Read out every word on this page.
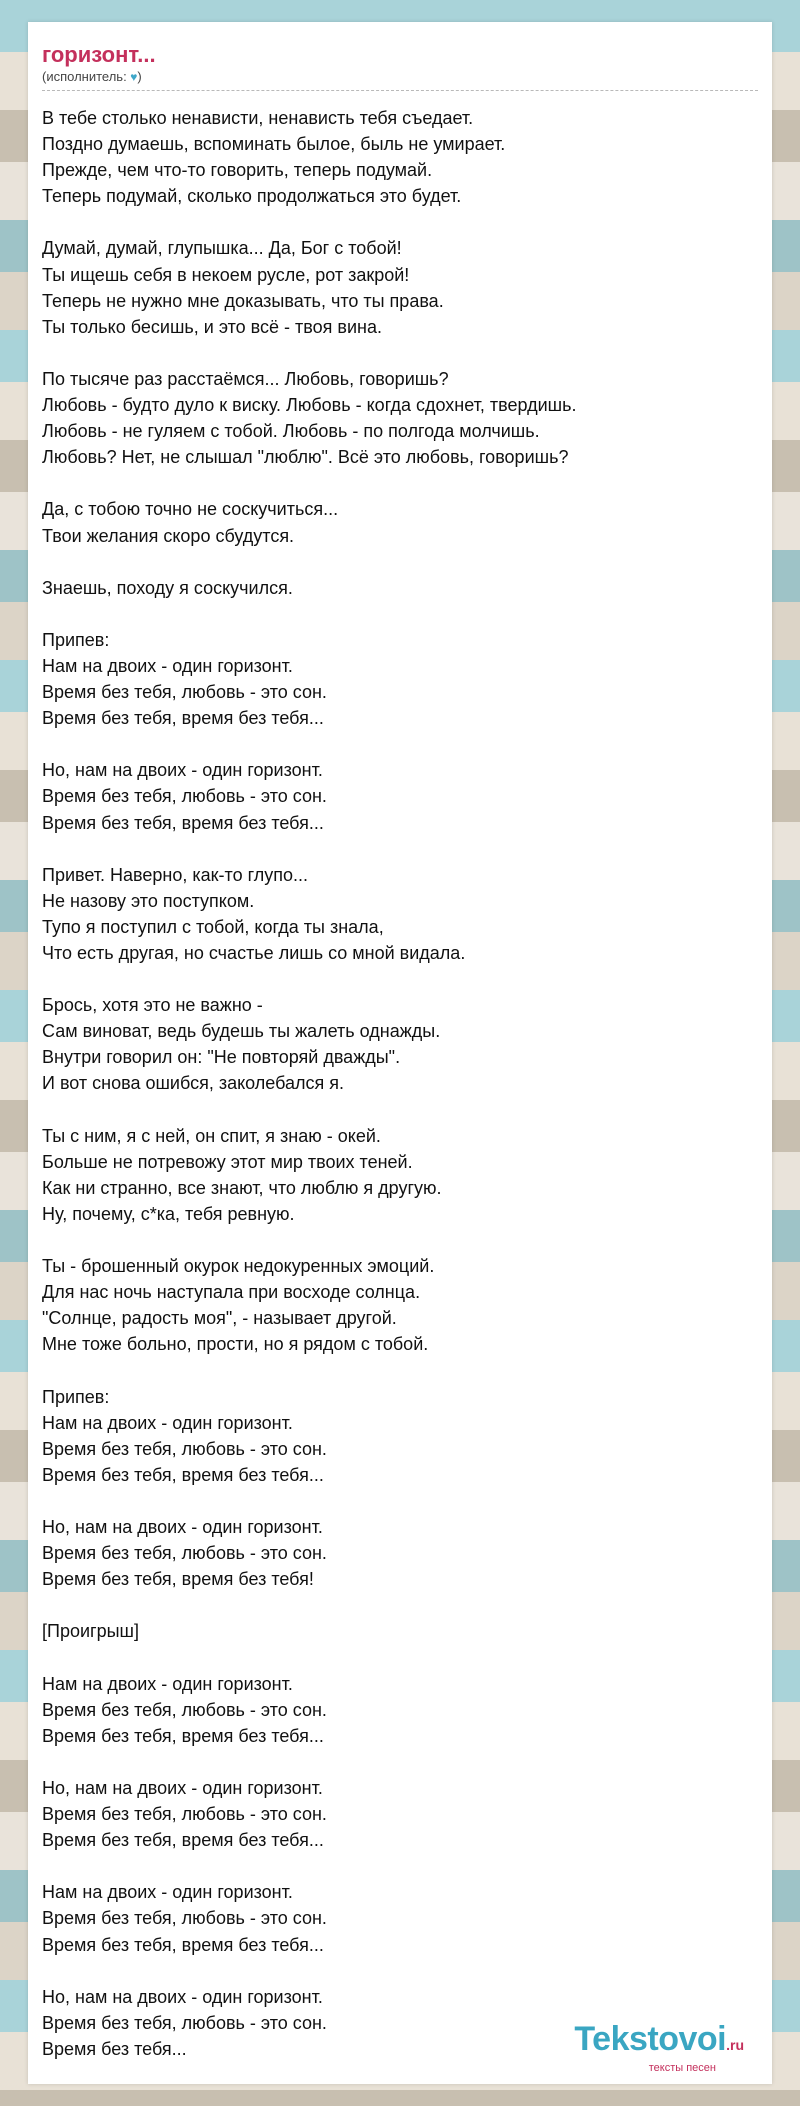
горизонт...
(исполнитель: ♥)
В тебе столько ненависти, ненависть тебя съедает.
Поздно думаешь, вспоминать былое, быль не умирает.
Прежде, чем что-то говорить, теперь подумай.
Теперь подумай, сколько продолжаться это будет.
Думай, думай, глупышка... Да, Бог с тобой!
Ты ищешь себя в некоем русле, рот закрой!
Теперь не нужно мне доказывать, что ты права.
Ты только бесишь, и это всё - твоя вина.
По тысяче раз расстаёмся... Любовь, говоришь?
Любовь - будто дуло к виску. Любовь - когда сдохнет, твердишь.
Любовь - не гуляем с тобой. Любовь - по полгода молчишь.
Любовь? Нет, не слышал "люблю". Всё это любовь, говоришь?
Да, с тобою точно не соскучиться...
Твои желания скоро сбудутся.
Знаешь, походу я соскучился.
Припев:
Нам на двоих - один горизонт.
Время без тебя, любовь - это сон.
Время без тебя, время без тебя...
Но, нам на двоих - один горизонт.
Время без тебя, любовь - это сон.
Время без тебя, время без тебя...
Привет. Наверно, как-то глупо...
Не назову это поступком.
Тупо я поступил с тобой, когда ты знала,
Что есть другая, но счастье лишь со мной видала.
Брось, хотя это не важно -
Сам виноват, ведь будешь ты жалеть однажды.
Внутри говорил он: "Не повторяй дважды".
И вот снова ошибся, заколебался я.
Ты с ним, я с ней, он спит, я знаю - окей.
Больше не потревожу этот мир твоих теней.
Как ни странно, все знают, что люблю я другую.
Ну, почему, с*ка, тебя ревную.
Ты - брошенный окурок недокуренных эмоций.
Для нас ночь наступала при восходе солнца.
"Солнце, радость моя", - называет другой.
Мне тоже больно, прости, но я рядом с тобой.
Припев:
Нам на двоих - один горизонт.
Время без тебя, любовь - это сон.
Время без тебя, время без тебя...
Но, нам на двоих - один горизонт.
Время без тебя, любовь - это сон.
Время без тебя, время без тебя!
[Проигрыш]
Нам на двоих - один горизонт.
Время без тебя, любовь - это сон.
Время без тебя, время без тебя...
Но, нам на двоих - один горизонт.
Время без тебя, любовь - это сон.
Время без тебя, время без тебя...
Нам на двоих - один горизонт.
Время без тебя, любовь - это сон.
Время без тебя, время без тебя...
Но, нам на двоих - один горизонт.
Время без тебя, любовь - это сон.
Время без тебя...	Tekstovoi.ru
тексты песен
